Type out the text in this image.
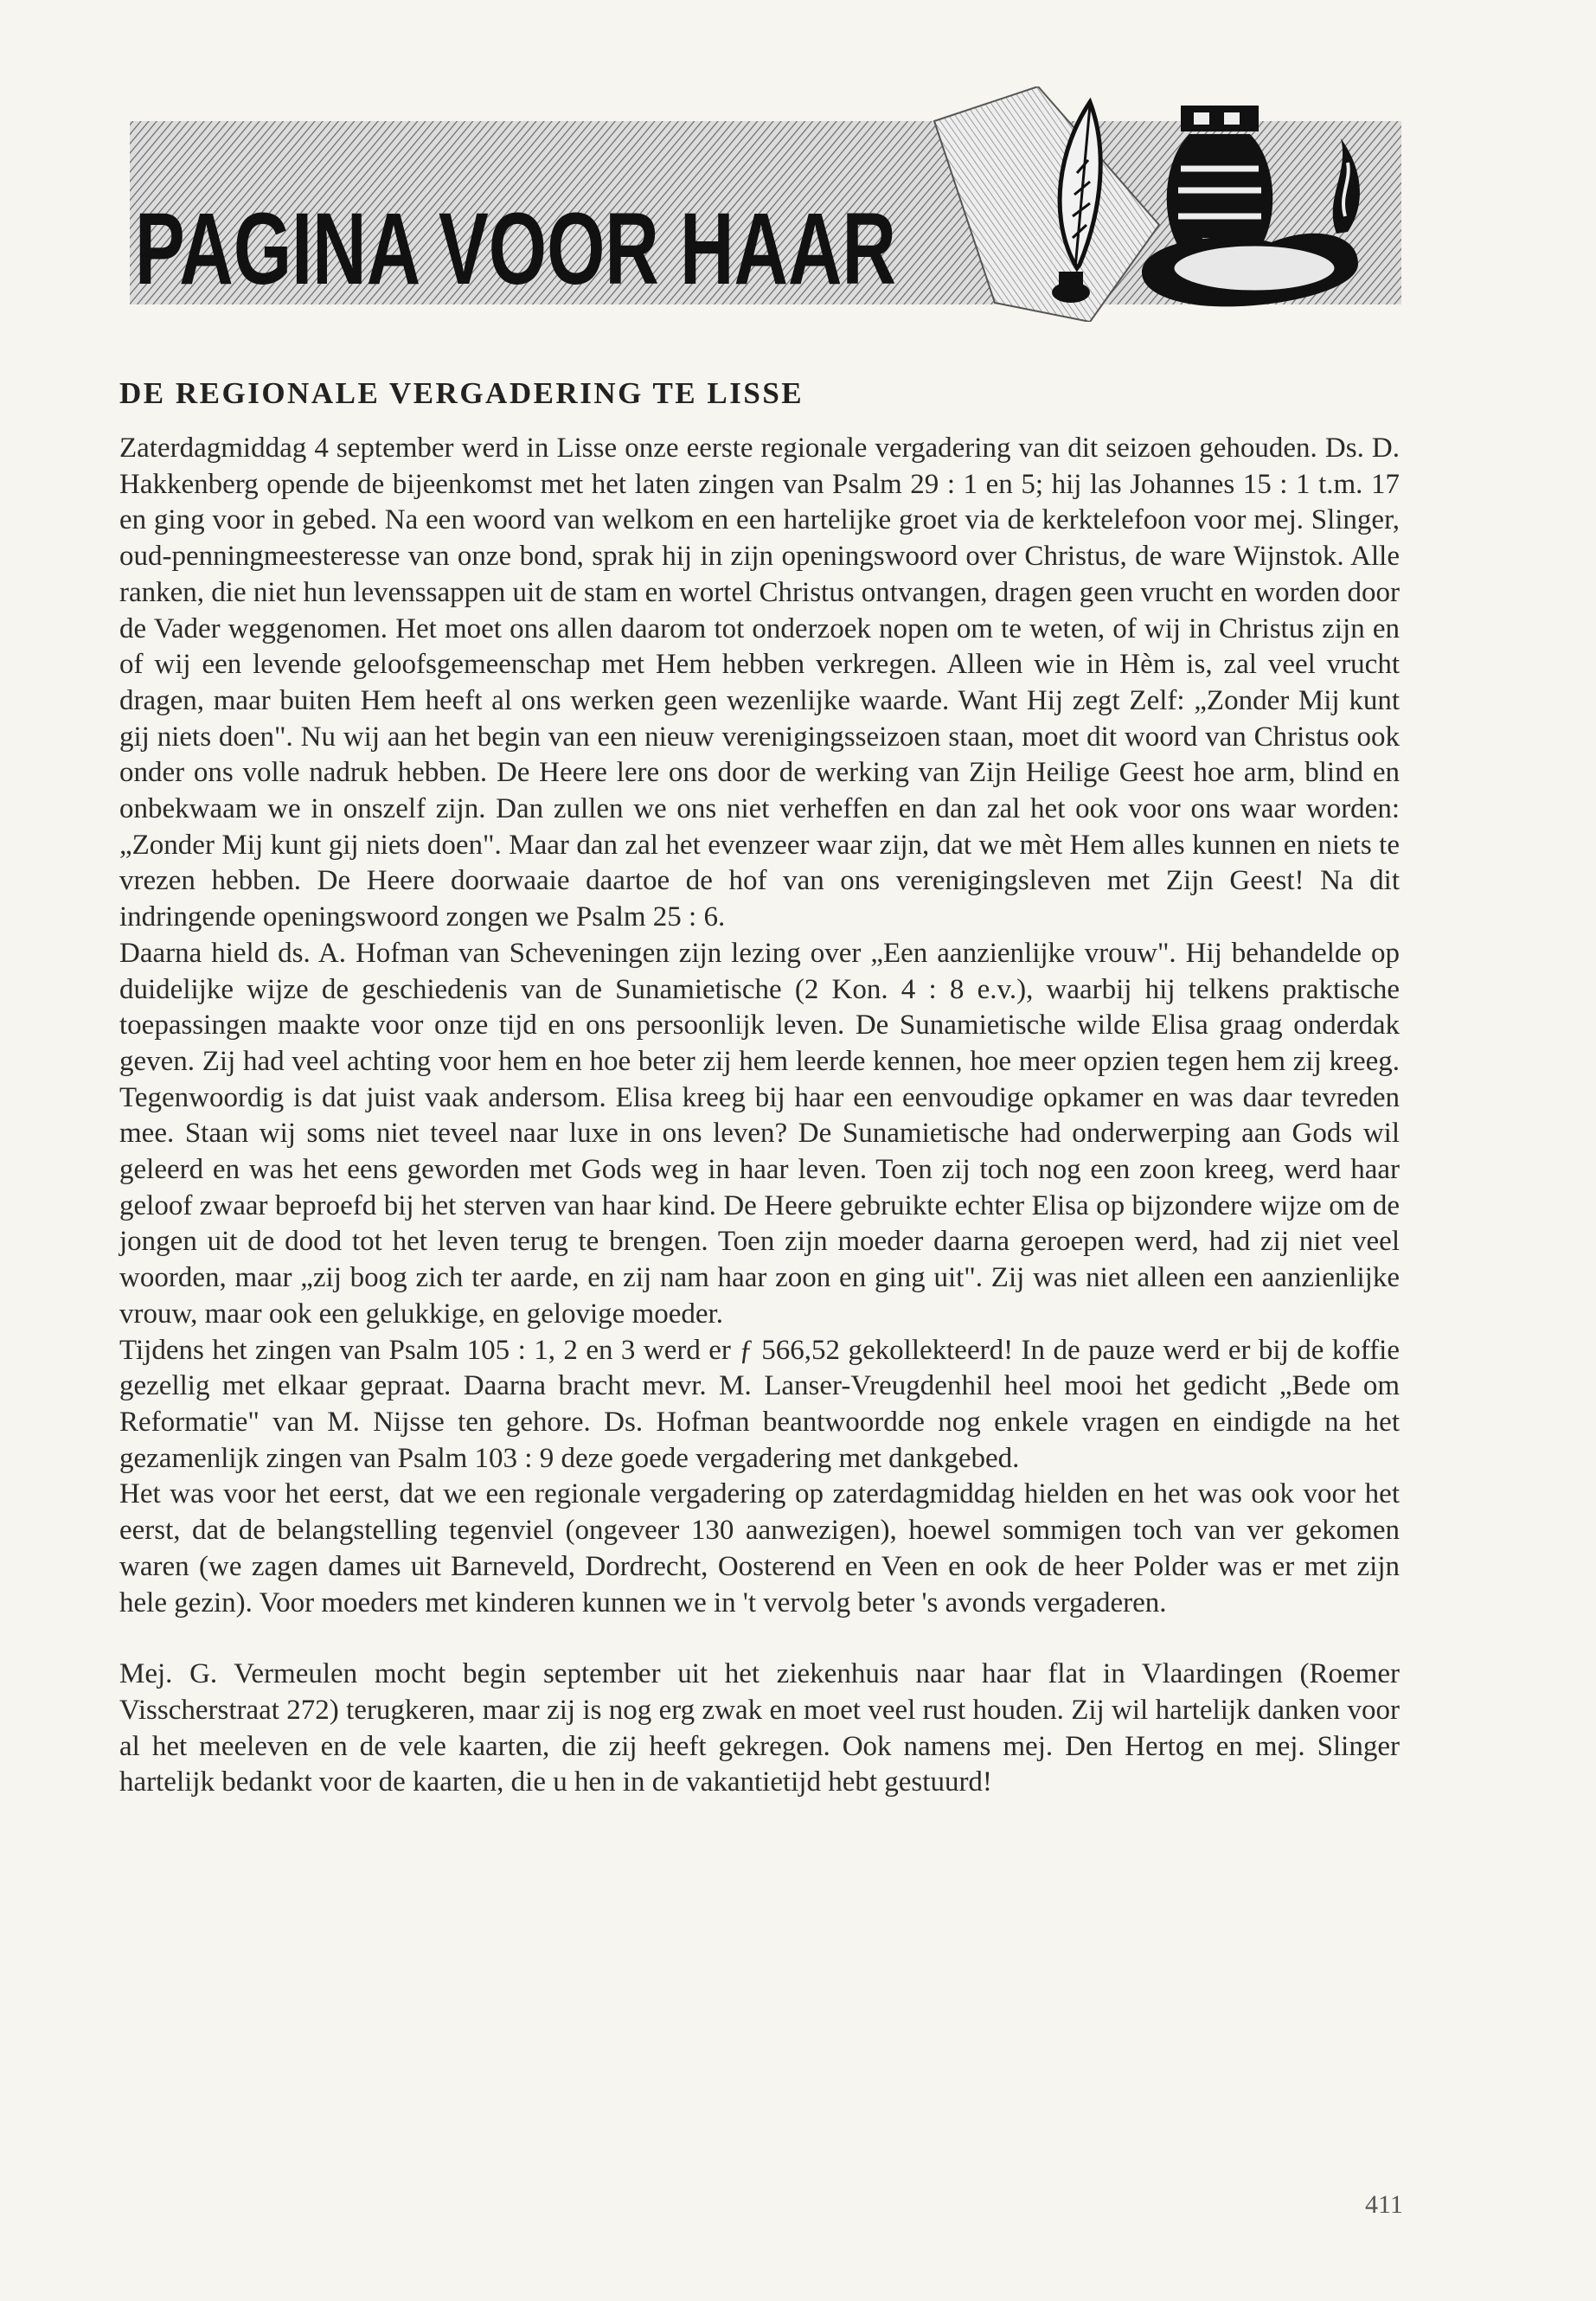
PAGINA VOOR HAAR
DE REGIONALE VERGADERING TE LISSE

Zaterdagmiddag 4 september werd in Lisse onze eerste regionale vergadering van dit seizoen gehouden. Ds. D. Hakkenberg opende de bijeenkomst met het laten zingen van Psalm 29 : 1 en 5; hij las Johannes 15 : 1 t.m. 17 en ging voor in gebed. Na een woord van welkom en een hartelijke groet via de kerktelefoon voor mej. Slinger, oud-penningmeesteresse van onze bond, sprak hij in zijn openingswoord over Christus, de ware Wijnstok. Alle ranken, die niet hun levenssappen uit de stam en wortel Christus ontvangen, dragen geen vrucht en worden door de Vader weggenomen. Het moet ons allen daarom tot onderzoek nopen om te weten, of wij in Christus zijn en of wij een levende geloofsgemeenschap met Hem hebben verkregen. Alleen wie in Hèm is, zal veel vrucht dragen, maar buiten Hem heeft al ons werken geen wezenlijke waarde. Want Hij zegt Zelf: „Zonder Mij kunt gij niets doen". Nu wij aan het begin van een nieuw verenigingsseizoen staan, moet dit woord van Christus ook onder ons volle nadruk hebben. De Heere lere ons door de werking van Zijn Heilige Geest hoe arm, blind en onbekwaam we in onszelf zijn. Dan zullen we ons niet verheffen en dan zal het ook voor ons waar worden: „Zonder Mij kunt gij niets doen". Maar dan zal het evenzeer waar zijn, dat we mèt Hem alles kunnen en niets te vrezen hebben. De Heere doorwaaie daartoe de hof van ons verenigingsleven met Zijn Geest! Na dit indringende openingswoord zongen we Psalm 25 : 6.

Daarna hield ds. A. Hofman van Scheveningen zijn lezing over „Een aanzienlijke vrouw". Hij behandelde op duidelijke wijze de geschiedenis van de Sunamietische (2 Kon. 4 : 8 e.v.), waarbij hij telkens praktische toepassingen maakte voor onze tijd en ons persoonlijk leven. De Sunamietische wilde Elisa graag onderdak geven. Zij had veel achting voor hem en hoe beter zij hem leerde kennen, hoe meer opzien tegen hem zij kreeg. Tegenwoordig is dat juist vaak andersom. Elisa kreeg bij haar een eenvoudige opkamer en was daar tevreden mee. Staan wij soms niet teveel naar luxe in ons leven? De Sunamietische had onderwerping aan Gods wil geleerd en was het eens geworden met Gods weg in haar leven. Toen zij toch nog een zoon kreeg, werd haar geloof zwaar beproefd bij het sterven van haar kind. De Heere gebruikte echter Elisa op bijzondere wijze om de jongen uit de dood tot het leven terug te brengen. Toen zijn moeder daarna geroepen werd, had zij niet veel woorden, maar „zij boog zich ter aarde, en zij nam haar zoon en ging uit". Zij was niet alleen een aanzienlijke vrouw, maar ook een gelukkige, en gelovige moeder.

Tijdens het zingen van Psalm 105 : 1, 2 en 3 werd er ƒ 566,52 gekollekteerd! In de pauze werd er bij de koffie gezellig met elkaar gepraat. Daarna bracht mevr. M. Lanser-Vreugdenhil heel mooi het gedicht „Bede om Reformatie" van M. Nijsse ten gehore. Ds. Hofman beantwoordde nog enkele vragen en eindigde na het gezamenlijk zingen van Psalm 103 : 9 deze goede vergadering met dankgebed.

Het was voor het eerst, dat we een regionale vergadering op zaterdagmiddag hielden en het was ook voor het eerst, dat de belangstelling tegenviel (ongeveer 130 aanwezigen), hoewel sommigen toch van ver gekomen waren (we zagen dames uit Barneveld, Dordrecht, Oosterend en Veen en ook de heer Polder was er met zijn hele gezin). Voor moeders met kinderen kunnen we in 't vervolg beter 's avonds vergaderen.

Mej. G. Vermeulen mocht begin september uit het ziekenhuis naar haar flat in Vlaardingen (Roemer Visscherstraat 272) terugkeren, maar zij is nog erg zwak en moet veel rust houden. Zij wil hartelijk danken voor al het meeleven en de vele kaarten, die zij heeft gekregen. Ook namens mej. Den Hertog en mej. Slinger hartelijk bedankt voor de kaarten, die u hen in de vakantietijd hebt gestuurd!

411
